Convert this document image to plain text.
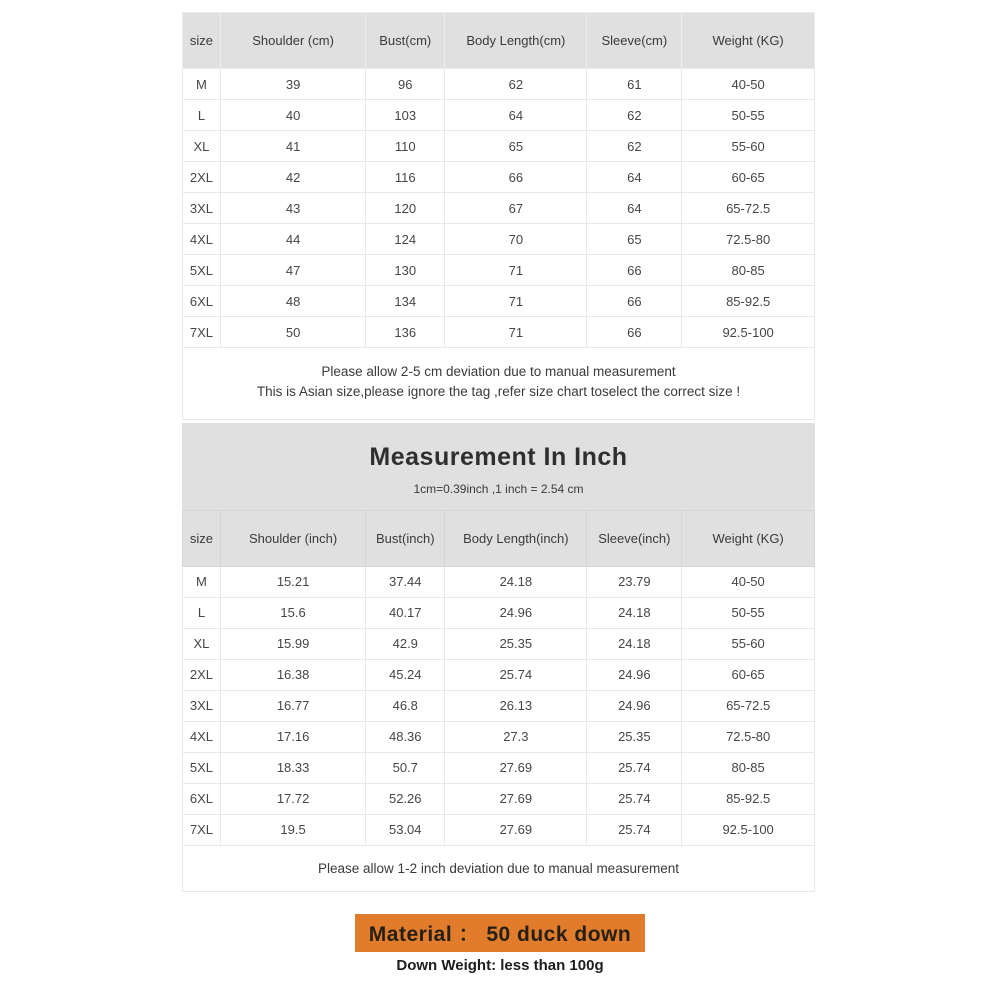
size	Shoulder (cm)	Bust(cm)	Body Length(cm)	Sleeve(cm)	Weight (KG)
M	39	96	62	61	40-50
L	40	103	64	62	50-55
XL	41	110	65	62	55-60
2XL	42	116	66	64	60-65
3XL	43	120	67	64	65-72.5
4XL	44	124	70	65	72.5-80
5XL	47	130	71	66	80-85
6XL	48	134	71	66	85-92.5
7XL	50	136	71	66	92.5-100
Please allow 2-5 cm deviation due to manual measurement
This is Asian size,please ignore the tag ,refer size chart toselect the correct size !
Measurement In Inch
1cm=0.39inch ,1 inch = 2.54 cm
size	Shoulder (inch)	Bust(inch)	Body Length(inch)	Sleeve(inch)	Weight (KG)
M	15.21	37.44	24.18	23.79	40-50
L	15.6	40.17	24.96	24.18	50-55
XL	15.99	42.9	25.35	24.18	55-60
2XL	16.38	45.24	25.74	24.96	60-65
3XL	16.77	46.8	26.13	24.96	65-72.5
4XL	17.16	48.36	27.3	25.35	72.5-80
5XL	18.33	50.7	27.69	25.74	80-85
6XL	17.72	52.26	27.69	25.74	85-92.5
7XL	19.5	53.04	27.69	25.74	92.5-100
Please allow 1-2 inch deviation due to manual measurement
Material ： 50 duck down
Down Weight: less than 100g
